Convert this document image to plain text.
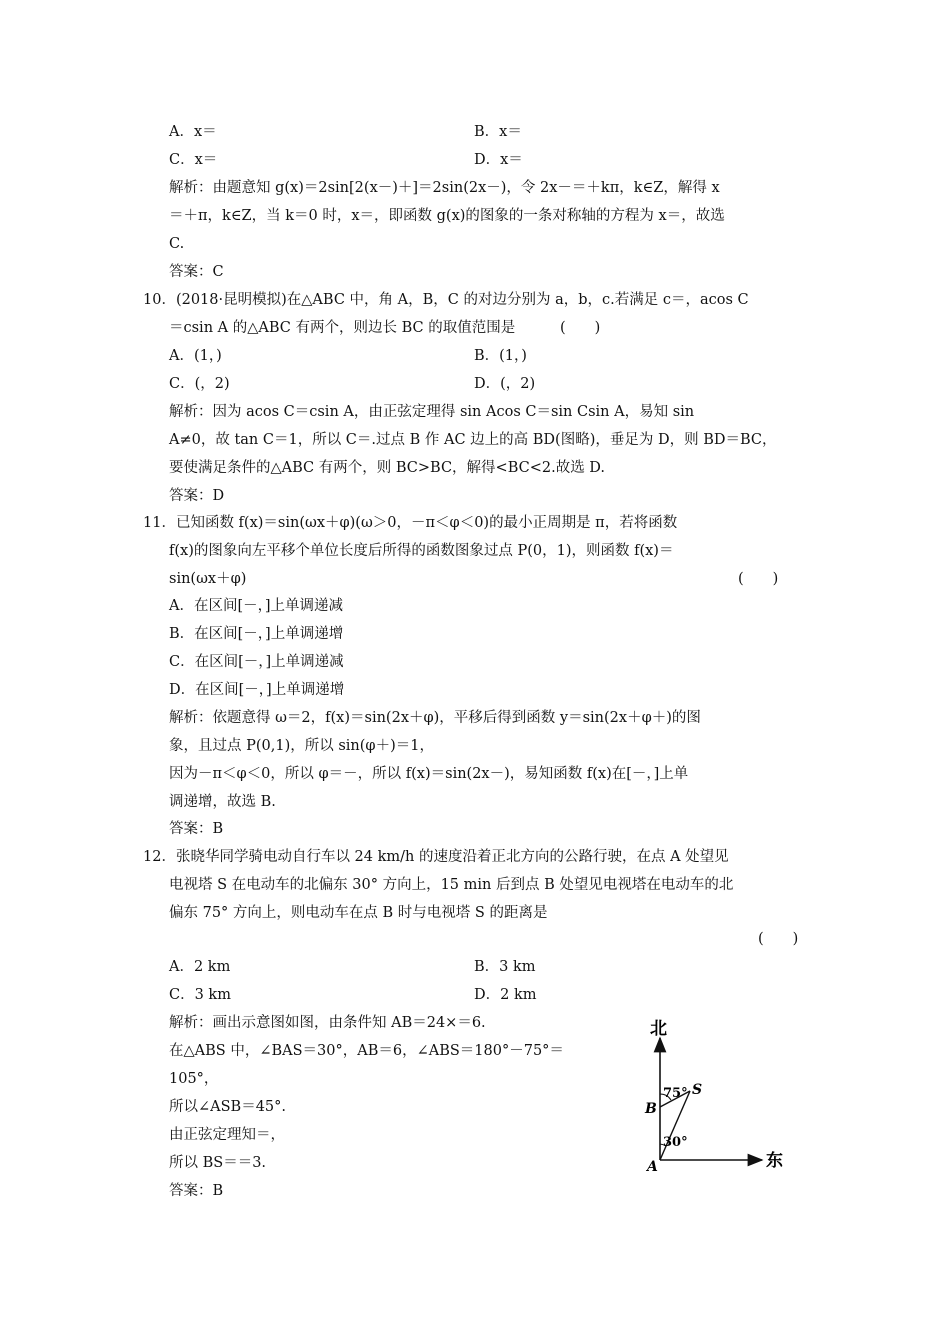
A．x＝	B．x＝
C．x＝	D．x＝
解析：由题意知 g(x)＝2sin[2(x－)＋]＝2sin(2x－)，令 2x－＝＋kπ，k∈Z，解得 x
＝＋π，k∈Z，当 k＝0 时，x＝，即函数 g(x)的图象的一条对称轴的方程为 x＝，故选
C.
答案：C
10．(2018·昆明模拟)在△ABC 中，角 A，B，C 的对边分别为 a，b，c.若满足 c＝，acos C
＝csin A 的△ABC 有两个，则边长 BC 的取值范围是	(　　)
A．(1，)	B．(1，)
C．(，2)	D．(，2)
解析：因为 acos C＝csin A，由正弦定理得 sin Acos C＝sin Csin A，易知 sin
A≠0，故 tan C＝1，所以 C＝.过点 B 作 AC 边上的高 BD(图略)，垂足为 D，则 BD＝BC，
要使满足条件的△ABC 有两个，则 BC>BC，解得<BC<2.故选 D.
答案：D
11．已知函数 f(x)＝sin(ωx＋φ)(ω＞0，－π＜φ＜0)的最小正周期是 π，若将函数
f(x)的图象向左平移个单位长度后所得的函数图象过点 P(0，1)，则函数 f(x)＝
sin(ωx＋φ)	(　　)
A．在区间[－，]上单调递减
B．在区间[－，]上单调递增
C．在区间[－，]上单调递减
D．在区间[－，]上单调递增
解析：依题意得 ω＝2，f(x)＝sin(2x＋φ)，平移后得到函数 y＝sin(2x＋φ＋)的图
象，且过点 P(0,1)，所以 sin(φ＋)＝1，
因为－π＜φ＜0，所以 φ＝－，所以 f(x)＝sin(2x－)，易知函数 f(x)在[－，]上单
调递增，故选 B.
答案：B
12．张晓华同学骑电动自行车以 24 km/h 的速度沿着正北方向的公路行驶，在点 A 处望见
电视塔 S 在电动车的北偏东 30° 方向上，15 min 后到点 B 处望见电视塔在电动车的北
偏东 75° 方向上，则电动车在点 B 时与电视塔 S 的距离是
(　　)
A．2 km	B．3 km
C．3 km	D．2 km
解析：画出示意图如图，由条件知 AB＝24×＝6.
在△ABS 中，∠BAS＝30°，AB＝6，∠ABS＝180°－75°＝
105°，
所以∠ASB＝45°.
由正弦定理知＝，
所以 BS＝＝3.
答案：B
北
东
A
B
S
75°
30°
